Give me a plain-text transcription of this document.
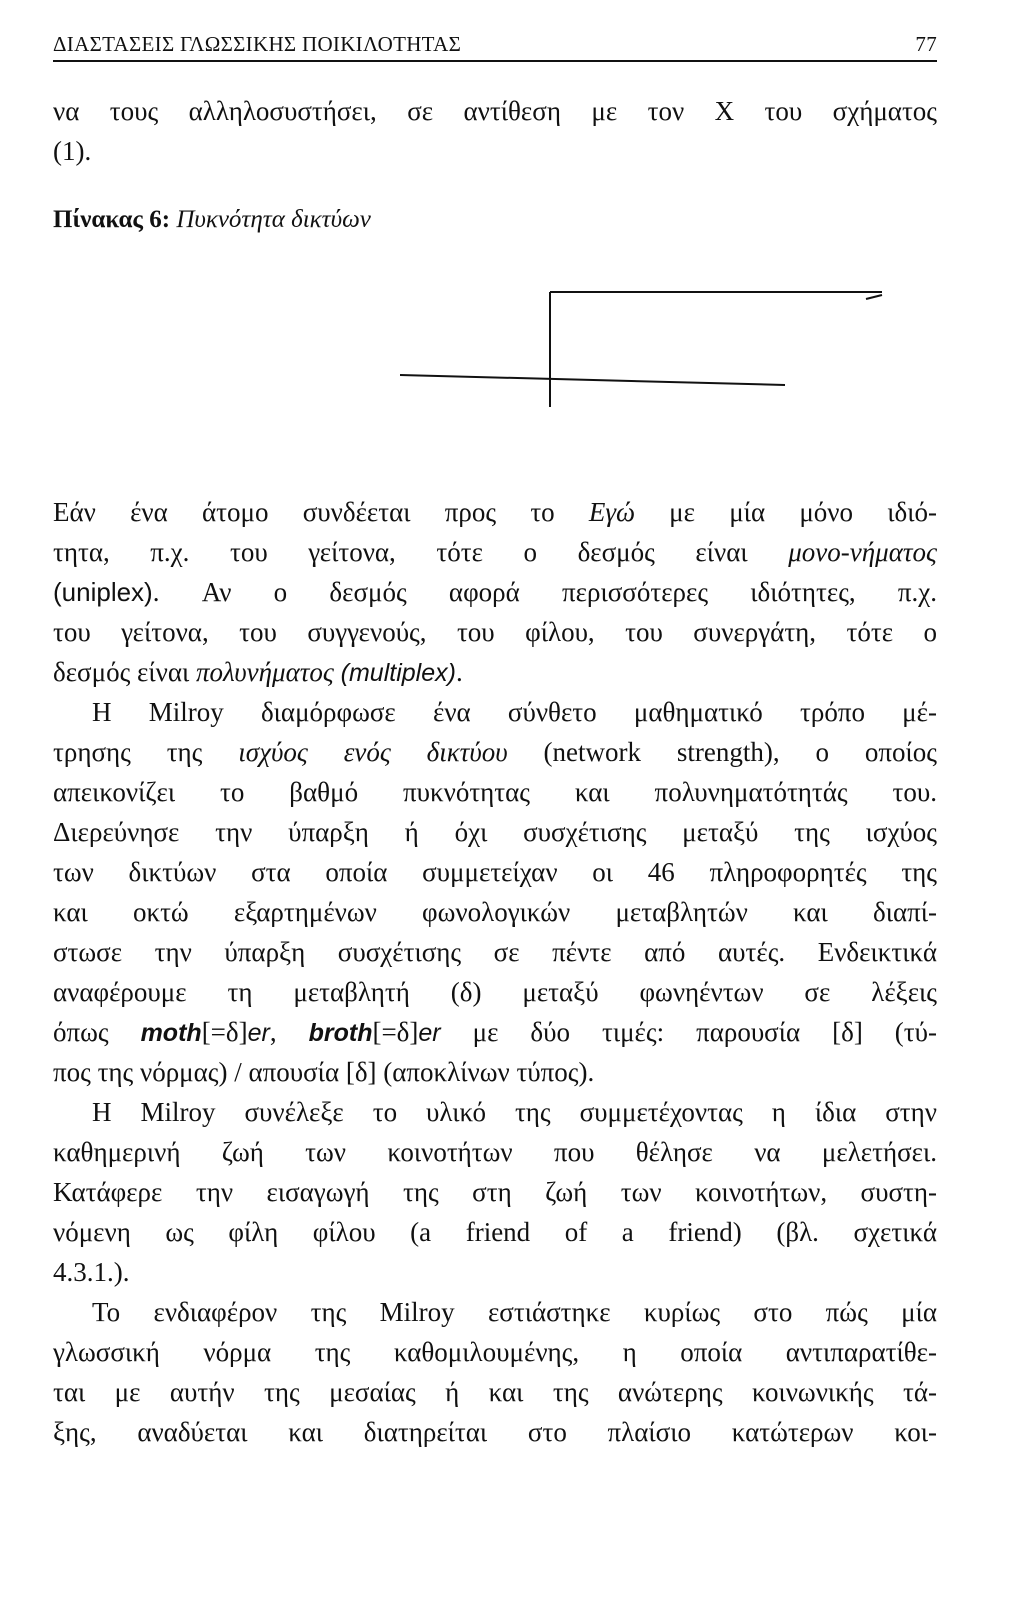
ΔΙΑΣΤΑΣΕΙΣ ΓΛΩΣΣΙΚΗΣ ΠΟΙΚΙΛΟΤΗΤΑΣ	77
να τους αλληλοσυστήσει, σε αντίθεση με τον Χ του σχήματος
(1).
Πίνακας 6: Πυκνότητα δικτύων
Εάν ένα άτομο συνδέεται προς το Εγώ με μία μόνο ιδιό-
τητα, π.χ. του γείτονα, τότε ο δεσμός είναι μονο-νήματος
(uniplex). Αν ο δεσμός αφορά περισσότερες ιδιότητες, π.χ.
του γείτονα, του συγγενούς, του φίλου, του συνεργάτη, τότε ο
δεσμός είναι πολυνήματος (multiplex).
Η Milroy διαμόρφωσε ένα σύνθετο μαθηματικό τρόπο μέ-
τρησης της ισχύος ενός δικτύου (network strength), ο οποίος
απεικονίζει το βαθμό πυκνότητας και πολυνηματότητάς του.
Διερεύνησε την ύπαρξη ή όχι συσχέτισης μεταξύ της ισχύος
των δικτύων στα οποία συμμετείχαν οι 46 πληροφορητές της
και οκτώ εξαρτημένων φωνολογικών μεταβλητών και διαπί-
στωσε την ύπαρξη συσχέτισης σε πέντε από αυτές. Ενδεικτικά
αναφέρουμε τη μεταβλητή (δ) μεταξύ φωνηέντων σε λέξεις
όπως moth[=δ]er, broth[=δ]er με δύο τιμές: παρουσία [δ] (τύ-
πος της νόρμας) / απουσία [δ] (αποκλίνων τύπος).
Η Milroy συνέλεξε το υλικό της συμμετέχοντας η ίδια στην
καθημερινή ζωή των κοινοτήτων που θέλησε να μελετήσει.
Κατάφερε την εισαγωγή της στη ζωή των κοινοτήτων, συστη-
νόμενη ως φίλη φίλου (a friend of a friend) (βλ. σχετικά
4.3.1.).
Το ενδιαφέρον της Milroy εστιάστηκε κυρίως στο πώς μία
γλωσσική νόρμα της καθομιλουμένης, η οποία αντιπαρατίθε-
ται με αυτήν της μεσαίας ή και της ανώτερης κοινωνικής τά-
ξης, αναδύεται και διατηρείται στο πλαίσιο κατώτερων κοι-
